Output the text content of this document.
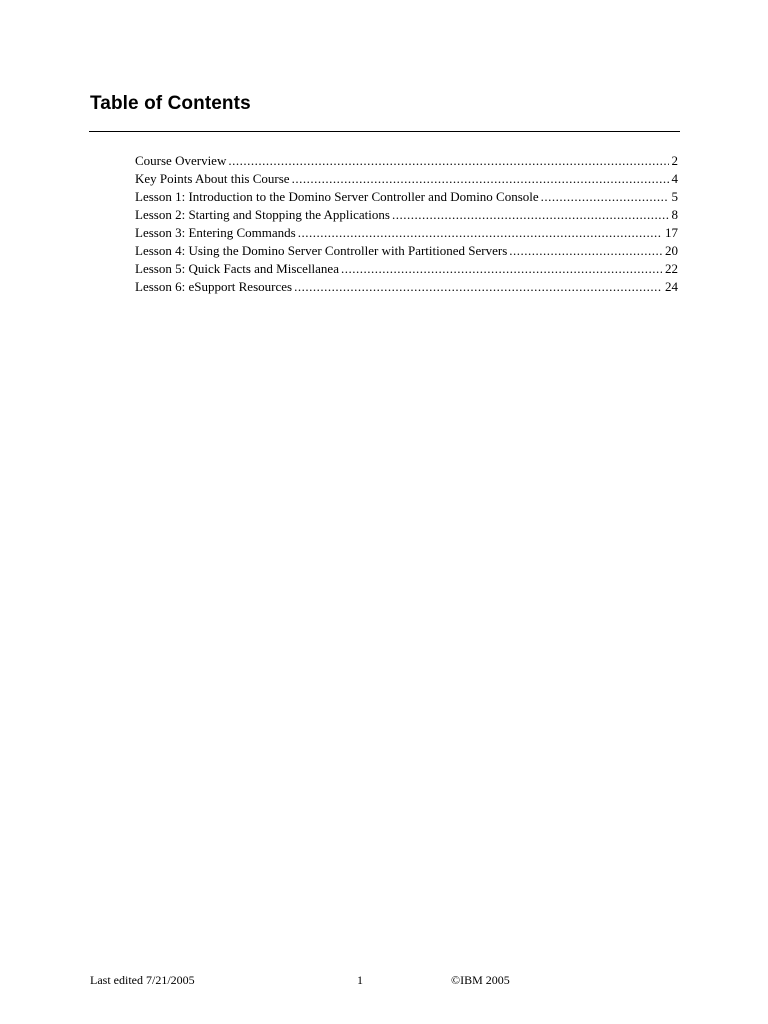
Table of Contents
Course Overview .....	2
Key Points About this Course .....	4
Lesson 1: Introduction to the Domino Server Controller and Domino Console .....	5
Lesson 2: Starting and Stopping the Applications .....	8
Lesson 3: Entering Commands .....	17
Lesson 4: Using the Domino Server Controller with Partitioned Servers .....	20
Lesson 5: Quick Facts and Miscellanea .....	22
Lesson 6: eSupport Resources .....	24
Last edited 7/21/2005	1	©IBM 2005
